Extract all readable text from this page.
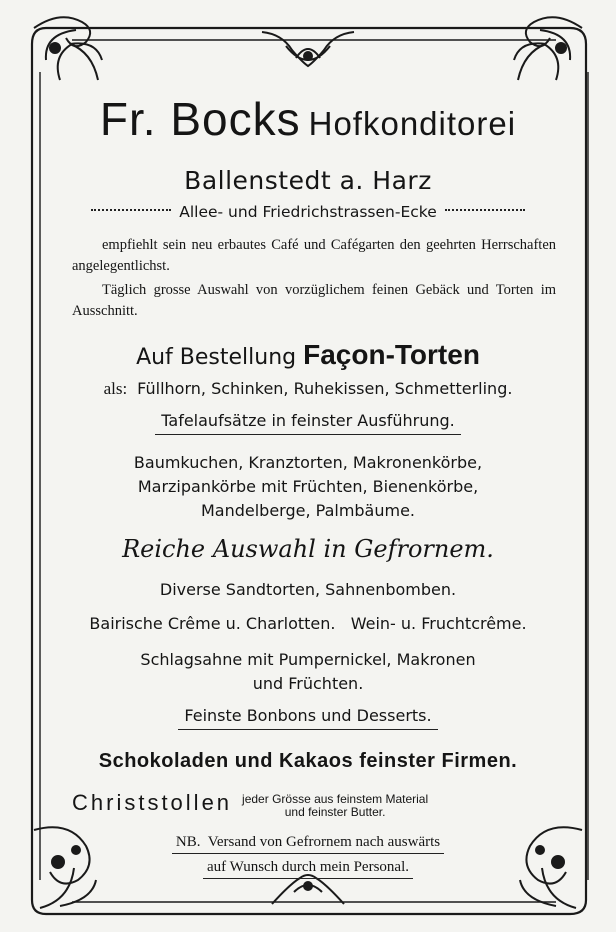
Fr. Bocks Hofkonditorei
Ballenstedt a. Harz
Allee- und Friedrichstrassen-Ecke
empfiehlt sein neu erbautes Café und Cafégarten den geehrten Herrschaften angelegentlichst.
Täglich grosse Auswahl von vorzüglichem feinen Gebäck und Torten im Ausschnitt.
Auf Bestellung Façon-Torten
als: Füllhorn, Schinken, Ruhekissen, Schmetterling.
Tafelaufsätze in feinster Ausführung.
Baumkuchen, Kranztorten, Makronenkörbe,
Marzipankörbe mit Früchten, Bienenkörbe,
Mandelberge, Palmbäume.
Reiche Auswahl in Gefrornem.
Diverse Sandtorten, Sahnenbomben.
Bairische Crême u. Charlotten.   Wein- u. Fruchtcrême.
Schlagsahne mit Pumpernickel, Makronen
und Früchten.
Feinste Bonbons und Desserts.
Schokoladen und Kakaos feinster Firmen.
Christstollen jeder Grösse aus feinstem Material
und feinster Butter.
NB.  Versand von Gefrornem nach auswärts
auf Wunsch durch mein Personal.
